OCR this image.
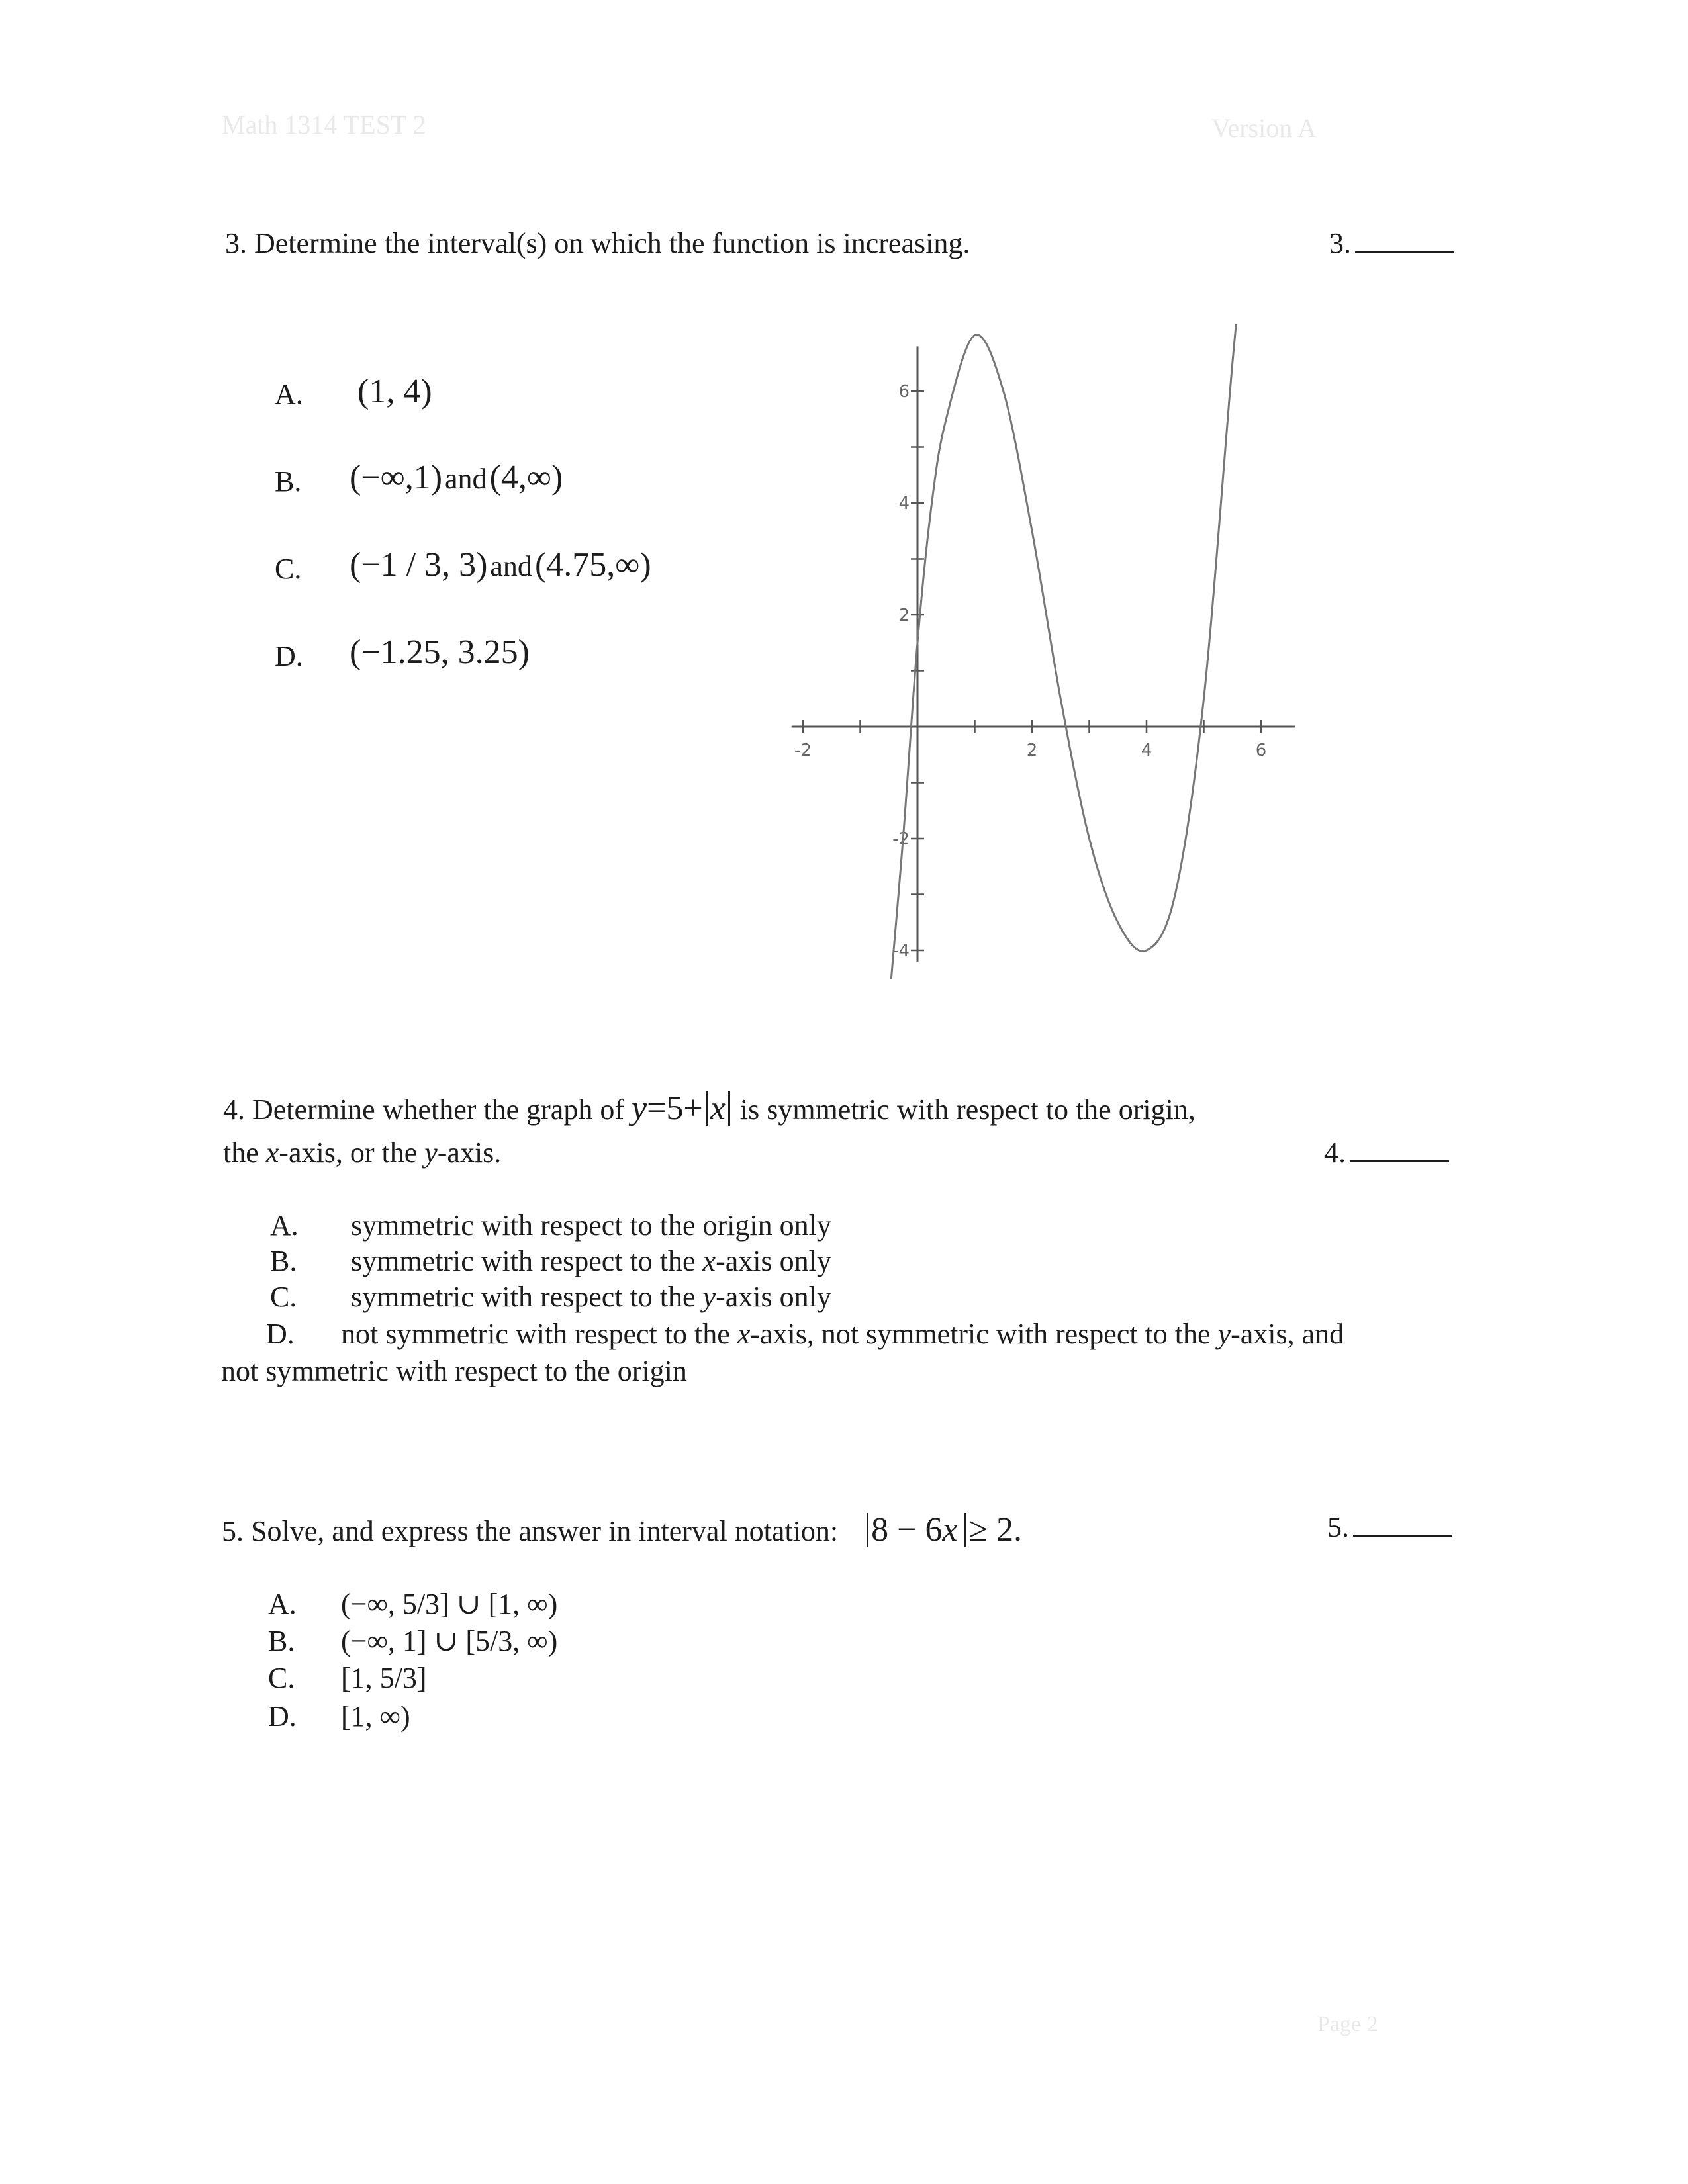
Math 1314 TEST 2	Version A
Page 2
3. Determine the interval(s) on which the function is increasing.	3.
A. (1, 4)
B. (−∞,1) and (4,∞)
C. (−1 / 3, 3) and (4.75,∞)
D. (−1.25, 3.25)
-2	2	4	6
-4
-2
2
4
6
4. Determine whether the graph of y=5+ x is symmetric with respect to the origin,
the x-axis, or the y-axis.	4.
A. symmetric with respect to the origin only
B. symmetric with respect to the x-axis only
C. symmetric with respect to the y-axis only
D. not symmetric with respect to the x-axis, not symmetric with respect to the y-axis, and
not symmetric with respect to the origin
5. Solve, and express the answer in interval notation: 8 − 6x ≥ 2.	5.
A. (−∞, 5/3] ∪ [1, ∞)
B. (−∞, 1] ∪ [5/3, ∞)
C. [1, 5/3]
D. [1, ∞)
